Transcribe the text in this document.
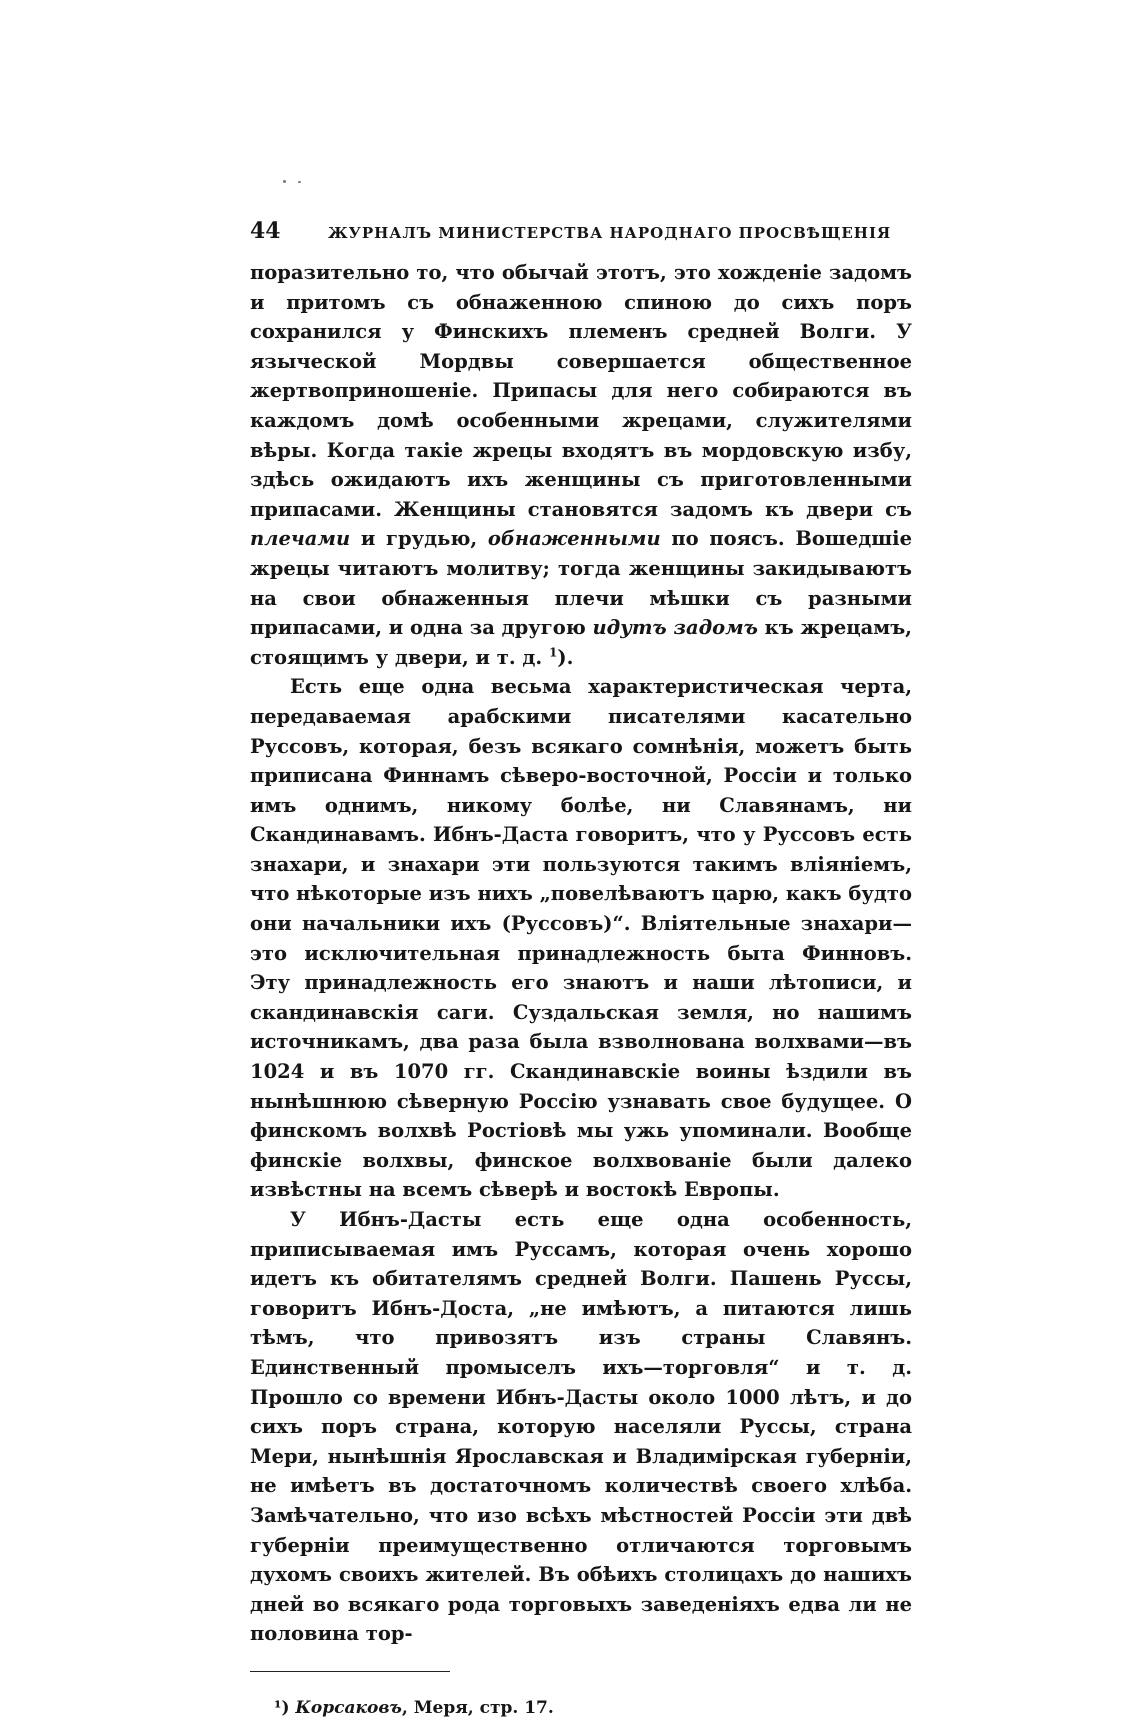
44	ЖУРНАЛЪ МИНИСТЕРСТВА НАРОДНАГО ПРОСВѢЩЕНІЯ

поразительно то, что обычай этотъ, это хожденіе задомъ и притомъ съ обнаженною спиною до сихъ поръ сохранился у Финскихъ племенъ средней Волги. У языческой Мордвы совершается общественное жертвоприношеніе. Припасы для него собираются въ каждомъ домѣ особенными жрецами, служителями вѣры. Когда такіе жрецы входятъ въ мордовскую избу, здѣсь ожидаютъ ихъ женщины съ приготовленными припасами. Женщины становятся задомъ къ двери съ плечами и грудью, обнаженными по поясъ. Вошедшіе жрецы читаютъ молитву; тогда женщины закидываютъ на свои обнаженныя плечи мѣшки съ разными припасами, и одна за другою идутъ задомъ къ жрецамъ, стоящимъ у двери, и т. д. $^1$).

Есть еще одна весьма характеристическая черта, передаваемая арабскими писателями касательно Руссовъ, которая, безъ всякаго сомнѣнія, можетъ быть приписана Финнамъ сѣверо-восточной, Россіи и только имъ однимъ, никому болѣе, ни Славянамъ, ни Скандинавамъ. Ибнъ-Даста говоритъ, что у Руссовъ есть знахари, и знахари эти пользуются такимъ вліяніемъ, что нѣкоторые изъ нихъ „повелѣваютъ царю, какъ будто они начальники ихъ (Руссовъ)“. Вліятельные знахари—это исключительная принадлежность быта Финновъ. Эту принадлежность его знаютъ и наши лѣтописи, и скандинавскія саги. Суздальская земля, но нашимъ источникамъ, два раза была взволнована волхвами—въ 1024 и въ 1070 гг. Скандинавскіе воины ѣздили въ нынѣшнюю сѣверную Россію узнавать свое будущее. О финскомъ волхвѣ Ростіовѣ мы ужь упоминали. Вообще финскіе волхвы, финское волхвованіе были далеко извѣстны на всемъ сѣверѣ и востокѣ Европы.

У Ибнъ-Дасты есть еще одна особенность, приписываемая имъ Руссамъ, которая очень хорошо идетъ къ обитателямъ средней Волги. Пашень Руссы, говоритъ Ибнъ-Доста, „не имѣютъ, а питаются лишь тѣмъ, что привозятъ изъ страны Славянъ. Единственный промыселъ ихъ—торговля“ и т. д. Прошло со времени Ибнъ-Дасты около 1000 лѣтъ, и до сихъ поръ страна, которую населяли Руссы, страна Мери, нынѣшнія Ярославская и Владимірская губерніи, не имѣетъ въ достаточномъ количествѣ своего хлѣба. Замѣчательно, что изо всѣхъ мѣстностей Россіи эти двѣ губерніи преимущественно отличаются торговымъ духомъ своихъ жителей. Въ обѣихъ столицахъ до нашихъ дней во всякаго рода торговыхъ заведеніяхъ едва ли не половина тор-

¹) Корсаковъ, Меря, стр. 17.
